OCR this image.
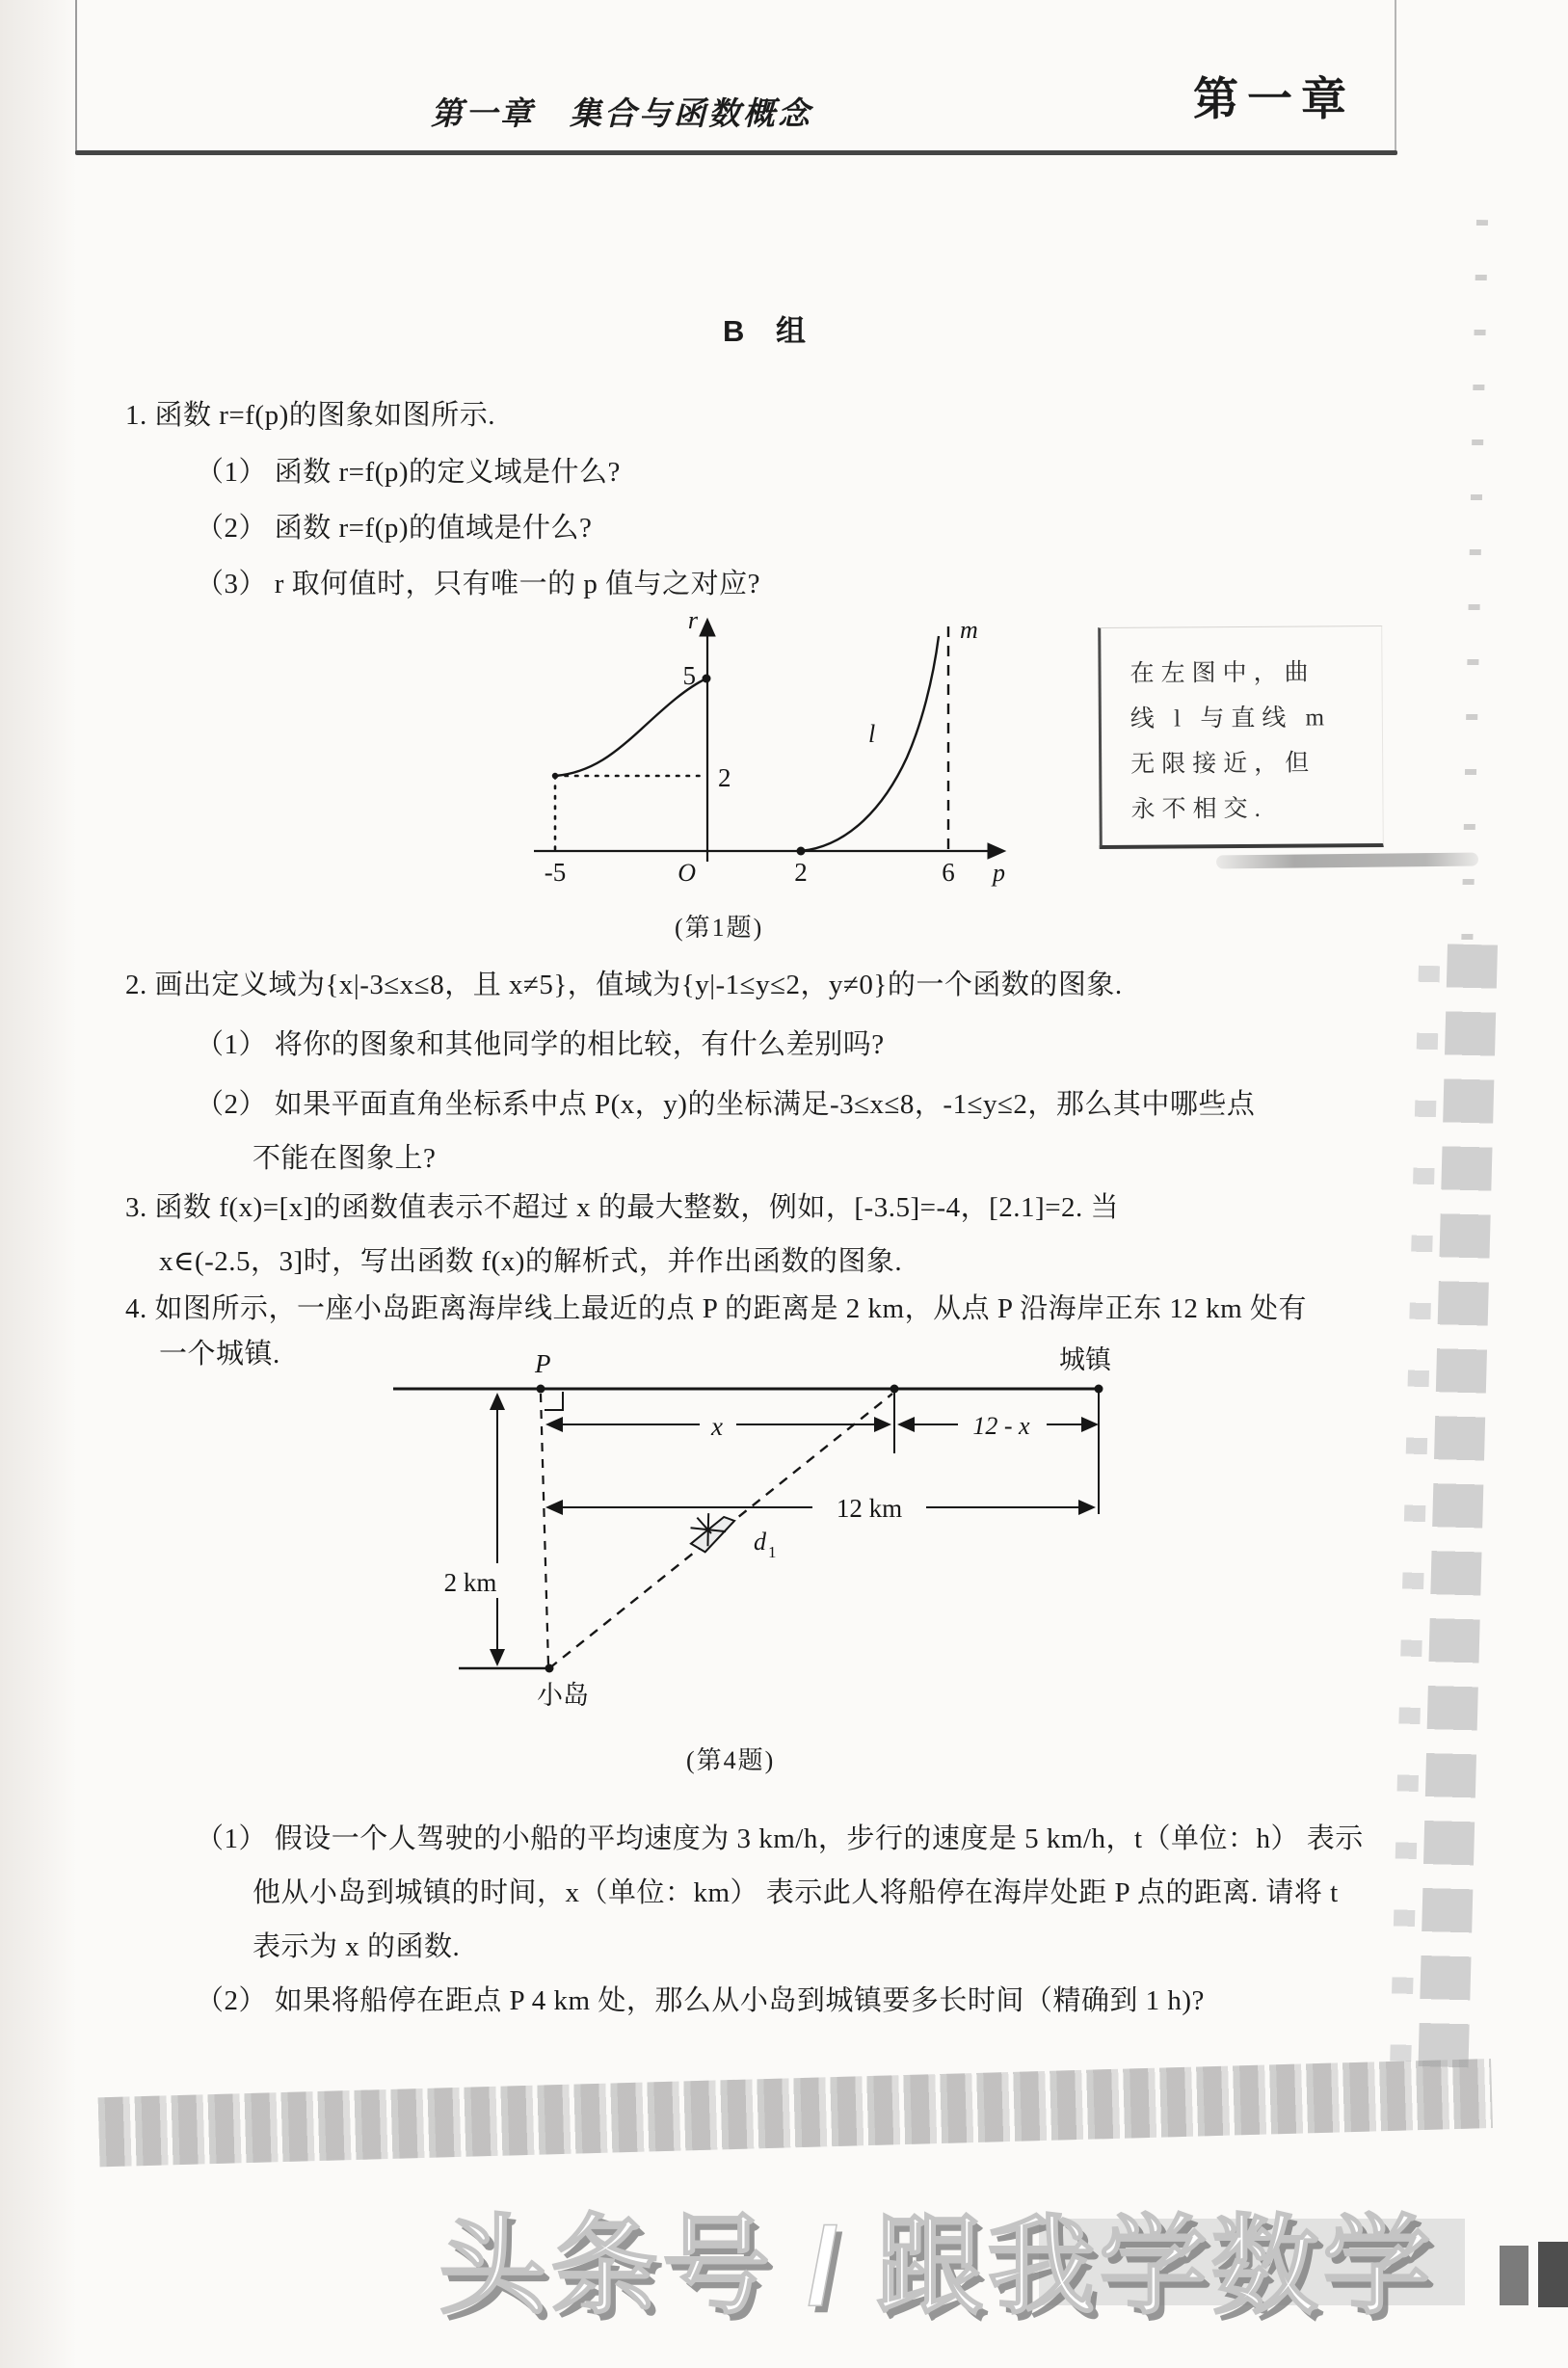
第一章　集合与函数概念	第一章
B 组
1. 函数 r=f(p)的图象如图所示.
（1） 函数 r=f(p)的定义域是什么?
（2） 函数 r=f(p)的值域是什么?
（3） r 取何值时，只有唯一的 p 值与之对应?
r
5
2
-5	O	2	6 p
l
m
在左图中，曲
线 l 与直线 m
无限接近，但
永不相交.
(第1题)
2. 画出定义域为{x|-3≤x≤8，且 x≠5}，值域为{y|-1≤y≤2，y≠0}的一个函数的图象.
（1） 将你的图象和其他同学的相比较，有什么差别吗?
（2） 如果平面直角坐标系中点 P(x，y)的坐标满足-3≤x≤8，-1≤y≤2，那么其中哪些点
不能在图象上?
3. 函数 f(x)=[x]的函数值表示不超过 x 的最大整数，例如，[-3.5]=-4，[2.1]=2. 当
x∈(-2.5，3]时，写出函数 f(x)的解析式，并作出函数的图象.
4. 如图所示，一座小岛距离海岸线上最近的点 P 的距离是 2 km，从点 P 沿海岸正东 12 km 处有
一个城镇.
x	12 - x
12 km
2 km
d 1
P	城镇
小岛
(第4题)
（1） 假设一个人驾驶的小船的平均速度为 3 km/h，步行的速度是 5 km/h，t（单位：h） 表示
他从小岛到城镇的时间，x（单位：km） 表示此人将船停在海岸处距 P 点的距离. 请将 t
表示为 x 的函数.
（2） 如果将船停在距点 P 4 km 处，那么从小岛到城镇要多长时间（精确到 1 h)?
头条号 / 跟我学数学
